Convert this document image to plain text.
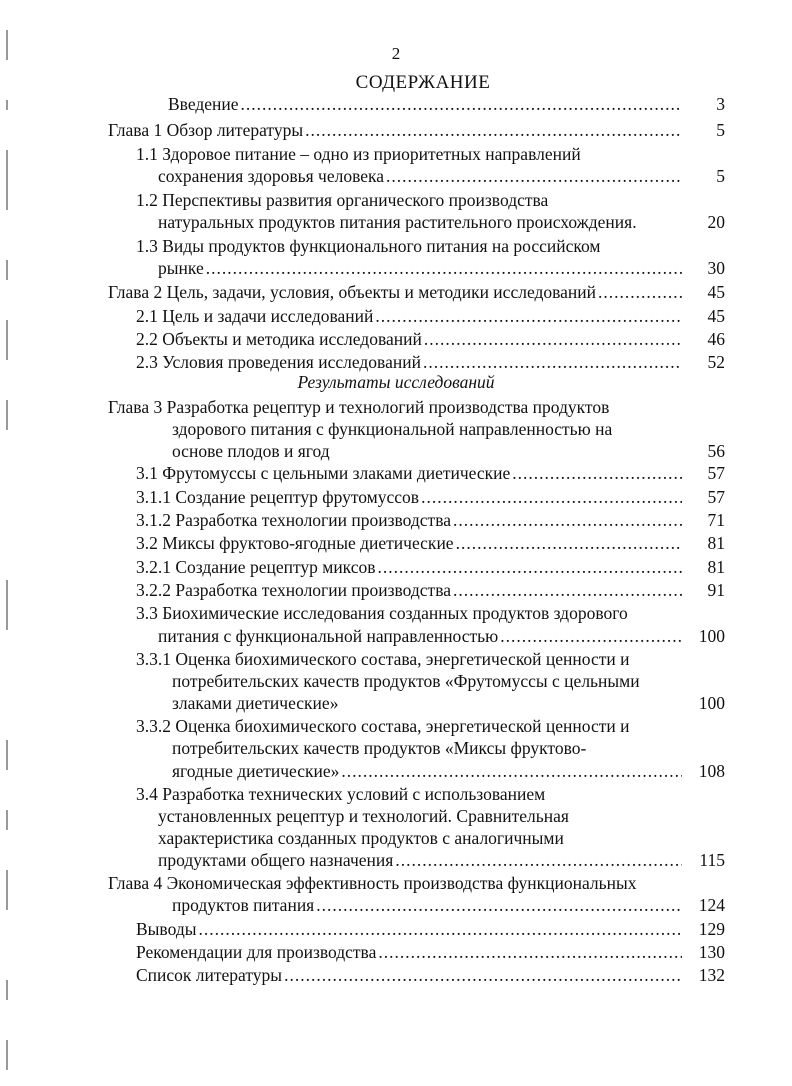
2
СОДЕРЖАНИЕ
Введение .....	3
Глава 1 Обзор литературы .....	5
1.1 Здоровое питание – одно из приоритетных направлений
сохранения здоровья человека .....	5
1.2 Перспективы развития органического производства
натуральных продуктов питания растительного происхождения.	20
1.3 Виды продуктов функционального питания на российском
рынке .....	30
Глава 2 Цель, задачи, условия, объекты и методики исследований .....	45
2.1 Цель и задачи исследований .....	45
2.2 Объекты и методика исследований .....	46
2.3 Условия проведения исследований .....	52
Результаты исследований
Глава 3 Разработка рецептур и технологий производства продуктов
здорового питания с функциональной направленностью на
основе плодов и ягод	56
3.1 Фрутомуссы с цельными злаками диетические .....	57
3.1.1 Создание рецептур фрутомуссов .....	57
3.1.2 Разработка технологии производства .....	71
3.2 Миксы фруктово-ягодные диетические .....	81
3.2.1 Создание рецептур миксов .....	81
3.2.2 Разработка технологии производства .....	91
3.3 Биохимические исследования созданных продуктов здорового
питания с функциональной направленностью .....	100
3.3.1 Оценка биохимического состава, энергетической ценности и
потребительских качеств продуктов «Фрутомуссы с цельными
злаками диетические»	100
3.3.2 Оценка биохимического состава, энергетической ценности и
потребительских качеств продуктов «Миксы фруктово-
ягодные диетические» .....	108
3.4 Разработка технических условий с использованием
установленных рецептур и технологий. Сравнительная
характеристика созданных продуктов с аналогичными
продуктами общего назначения .....	115
Глава 4 Экономическая эффективность производства функциональных
продуктов питания .....	124
Выводы .....	129
Рекомендации для производства .....	130
Список литературы .....	132
